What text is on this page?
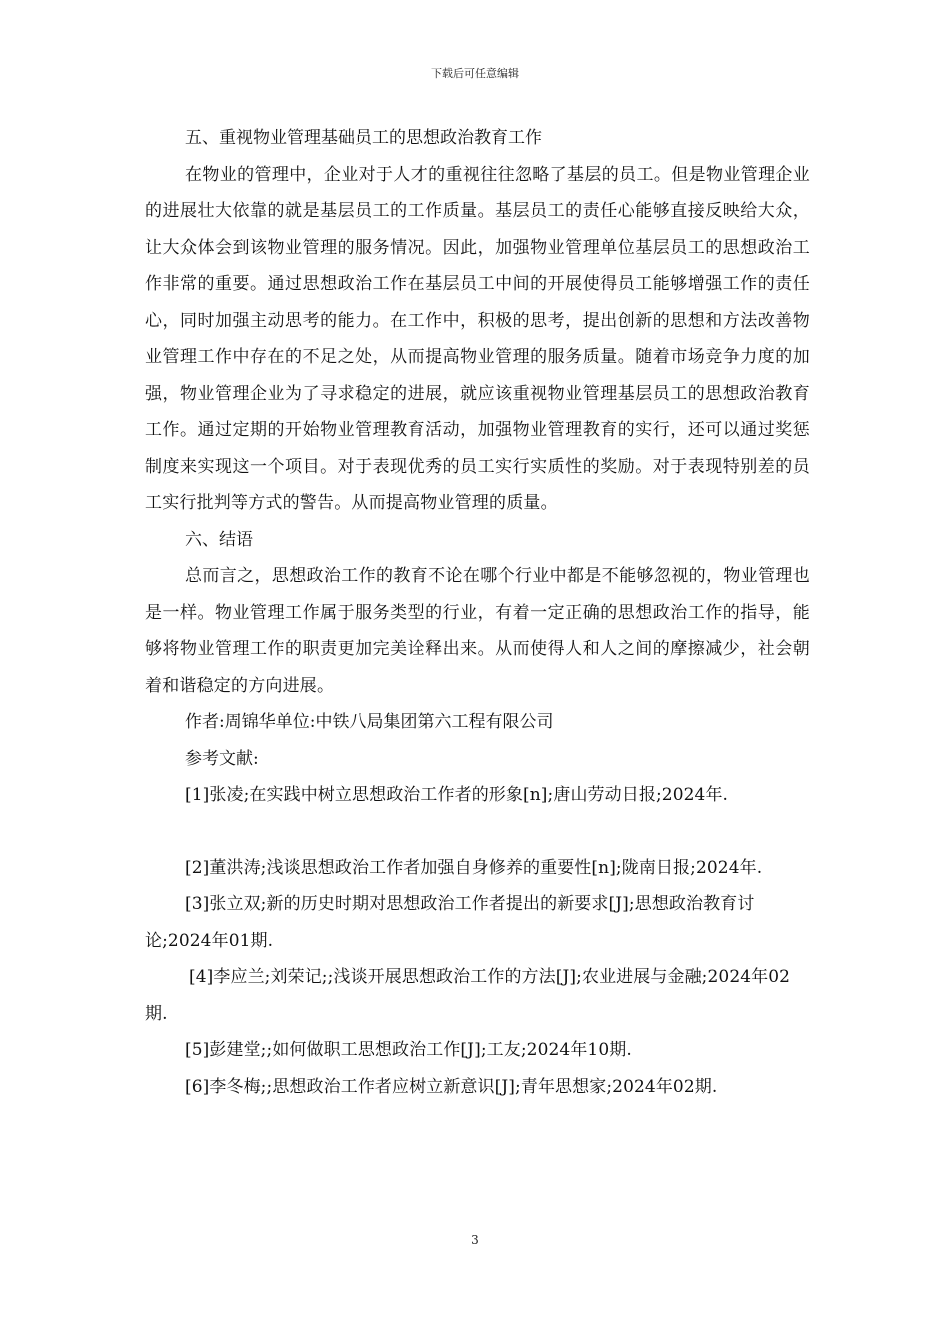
下载后可任意编辑

五、重视物业管理基础员工的思想政治教育工作

在物业的管理中，企业对于人才的重视往往忽略了基层的员工。但是物业管理企业的进展壮大依靠的就是基层员工的工作质量。基层员工的责任心能够直接反映给大众，让大众体会到该物业管理的服务情况。因此，加强物业管理单位基层员工的思想政治工作非常的重要。通过思想政治工作在基层员工中间的开展使得员工能够增强工作的责任心，同时加强主动思考的能力。在工作中，积极的思考，提出创新的思想和方法改善物业管理工作中存在的不足之处，从而提高物业管理的服务质量。随着市场竞争力度的加强，物业管理企业为了寻求稳定的进展，就应该重视物业管理基层员工的思想政治教育工作。通过定期的开始物业管理教育活动，加强物业管理教育的实行，还可以通过奖惩制度来实现这一个项目。对于表现优秀的员工实行实质性的奖励。对于表现特别差的员工实行批判等方式的警告。从而提高物业管理的质量。

六、结语

总而言之，思想政治工作的教育不论在哪个行业中都是不能够忽视的，物业管理也是一样。物业管理工作属于服务类型的行业，有着一定正确的思想政治工作的指导，能够将物业管理工作的职责更加完美诠释出来。从而使得人和人之间的摩擦减少，社会朝着和谐稳定的方向进展。

作者:周锦华单位:中铁八局集团第六工程有限公司

参考文献:

[1]张凌;在实践中树立思想政治工作者的形象[n];唐山劳动日报;2024年.

[2]董洪涛;浅谈思想政治工作者加强自身修养的重要性[n];陇南日报;2024年.

[3]张立双;新的历史时期对思想政治工作者提出的新要求[J];思想政治教育讨论;2024年01期.

[4]李应兰;刘荣记;;浅谈开展思想政治工作的方法[J];农业进展与金融;2024年02期.

[5]彭建堂;;如何做职工思想政治工作[J];工友;2024年10期.

[6]李冬梅;;思想政治工作者应树立新意识[J];青年思想家;2024年02期.

3
